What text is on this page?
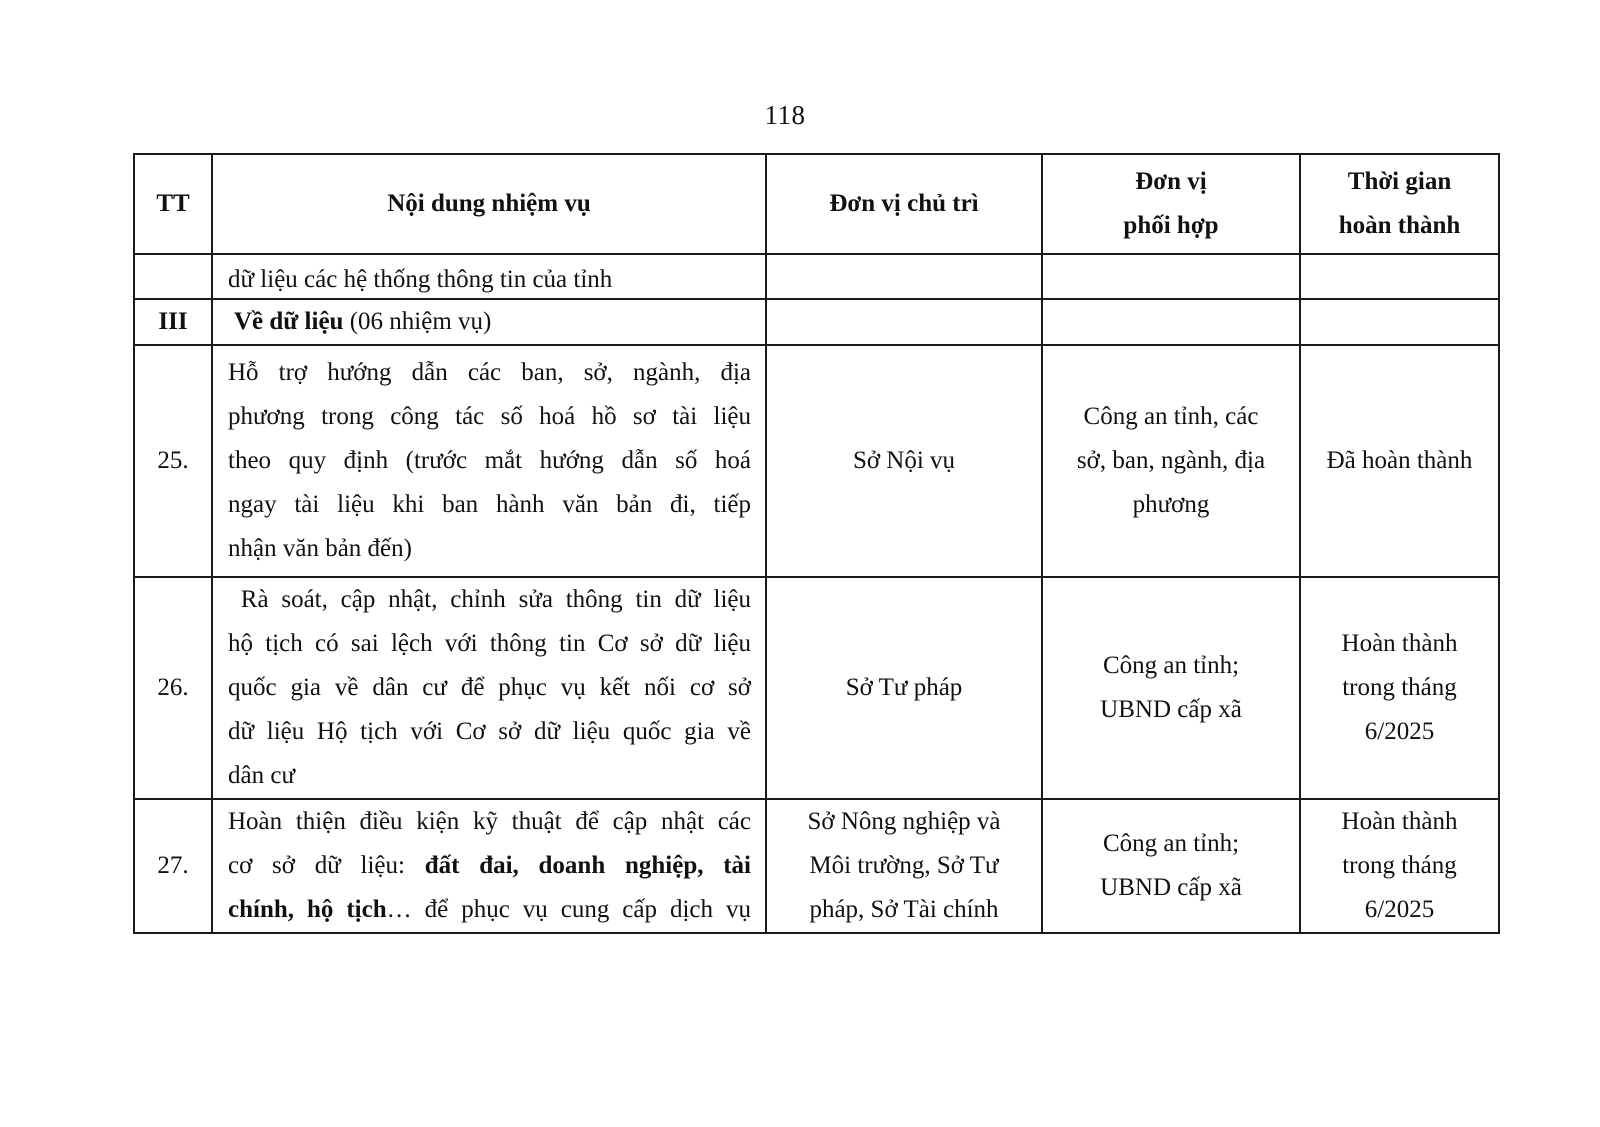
118
TT	Nội dung nhiệm vụ	Đơn vị chủ trì	Đơn vị
phối hợp	Thời gian
hoàn thành

	dữ liệu các hệ thống thông tin của tỉnh			

III	Về dữ liệu (06 nhiệm vụ)			
25.	Hỗ trợ hướng dẫn các ban, sở, ngành, địa
phương trong công tác số hoá hồ sơ tài liệu
theo quy định (trước mắt hướng dẫn số hoá
ngay tài liệu khi ban hành văn bản đi, tiếp
nhận văn bản đến)	Sở Nội vụ	Công an tỉnh, các
sở, ban, ngành, địa
phương	Đã hoàn thành

26.	Rà soát, cập nhật, chỉnh sửa thông tin dữ liệu
hộ tịch có sai lệch với thông tin Cơ sở dữ liệu
quốc gia về dân cư để phục vụ kết nối cơ sở
dữ liệu Hộ tịch với Cơ sở dữ liệu quốc gia về
dân cư	Sở Tư pháp	Công an tỉnh;
UBND cấp xã	Hoàn thành
trong tháng
6/2025

27.	Hoàn thiện điều kiện kỹ thuật để cập nhật các
cơ sở dữ liệu: đất đai, doanh nghiệp, tài
chính, hộ tịch… để phục vụ cung cấp dịch vụ	Sở Nông nghiệp và
Môi trường, Sở Tư
pháp, Sở Tài chính	Công an tỉnh;
UBND cấp xã	Hoàn thành
trong tháng
6/2025
